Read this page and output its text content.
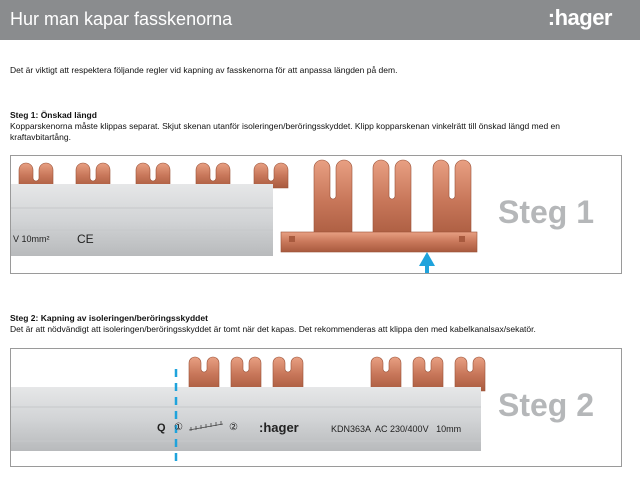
Hur man kapar fasskenorna	:hager
Det är viktigt att respektera följande regler vid kapning av fasskenorna för att anpassa längden på dem.
Steg 1: Önskad längd
Kopparskenorna måste klippas separat. Skjut skenan utanför isoleringen/beröringsskyddet. Klipp kopparskenan vinkelrätt till önskad längd med en kraftavbitartång.
V 10mm² CE
Steg 1
Steg 2: Kapning av isoleringen/beröringsskyddet
Det är att nödvändigt att isoleringen/beröringsskyddet är tomt när det kapas. Det rekommenderas att klippa den med kabelkanalsax/sekatör.
Q ①	② :hager	KDN363A  AC 230/400V   10mm
Steg 2
